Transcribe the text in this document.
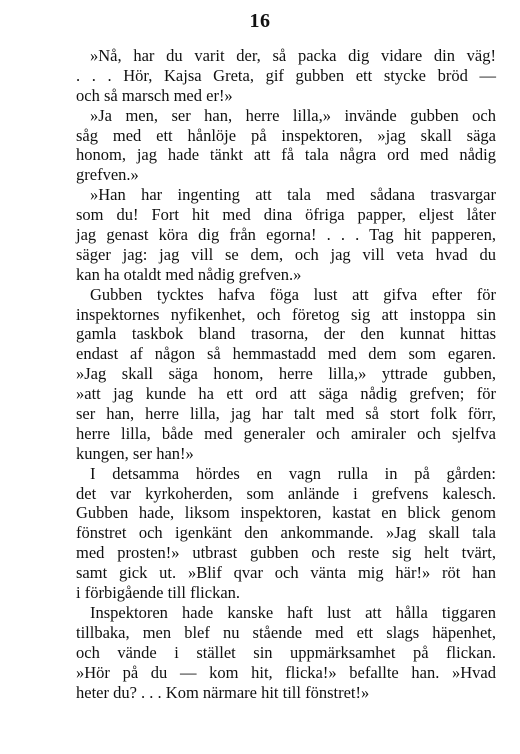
16
»Nå, har du varit der, så packa dig vidare din väg!
. . . Hör, Kajsa Greta, gif gubben ett stycke bröd —
och så marsch med er!»
»Ja men, ser han, herre lilla,» invände gubben och
såg med ett hånlöje på inspektoren, »jag skall säga
honom, jag hade tänkt att få tala några ord med nådig
grefven.»
»Han har ingenting att tala med sådana trasvargar
som du! Fort hit med dina öfriga papper, eljest låter
jag genast köra dig från egorna! . . . Tag hit papperen,
säger jag: jag vill se dem, och jag vill veta hvad du
kan ha otaldt med nådig grefven.»
Gubben tycktes hafva föga lust att gifva efter för
inspektornes nyfikenhet, och företog sig att instoppa sin
gamla taskbok bland trasorna, der den kunnat hittas
endast af någon så hemmastadd med dem som egaren.
»Jag skall säga honom, herre lilla,» yttrade gubben,
»att jag kunde ha ett ord att säga nådig grefven; för
ser han, herre lilla, jag har talt med så stort folk förr,
herre lilla, både med generaler och amiraler och sjelfva
kungen, ser han!»
I detsamma hördes en vagn rulla in på gården:
det var kyrkoherden, som anlände i grefvens kalesch.
Gubben hade, liksom inspektoren, kastat en blick genom
fönstret och igenkänt den ankommande. »Jag skall tala
med prosten!» utbrast gubben och reste sig helt tvärt,
samt gick ut. »Blif qvar och vänta mig här!» röt han
i förbigående till flickan.
Inspektoren hade kanske haft lust att hålla tiggaren
tillbaka, men blef nu stående med ett slags häpenhet,
och vände i stället sin uppmärksamhet på flickan.
»Hör på du — kom hit, flicka!» befallte han. »Hvad
heter du? . . . Kom närmare hit till fönstret!»
